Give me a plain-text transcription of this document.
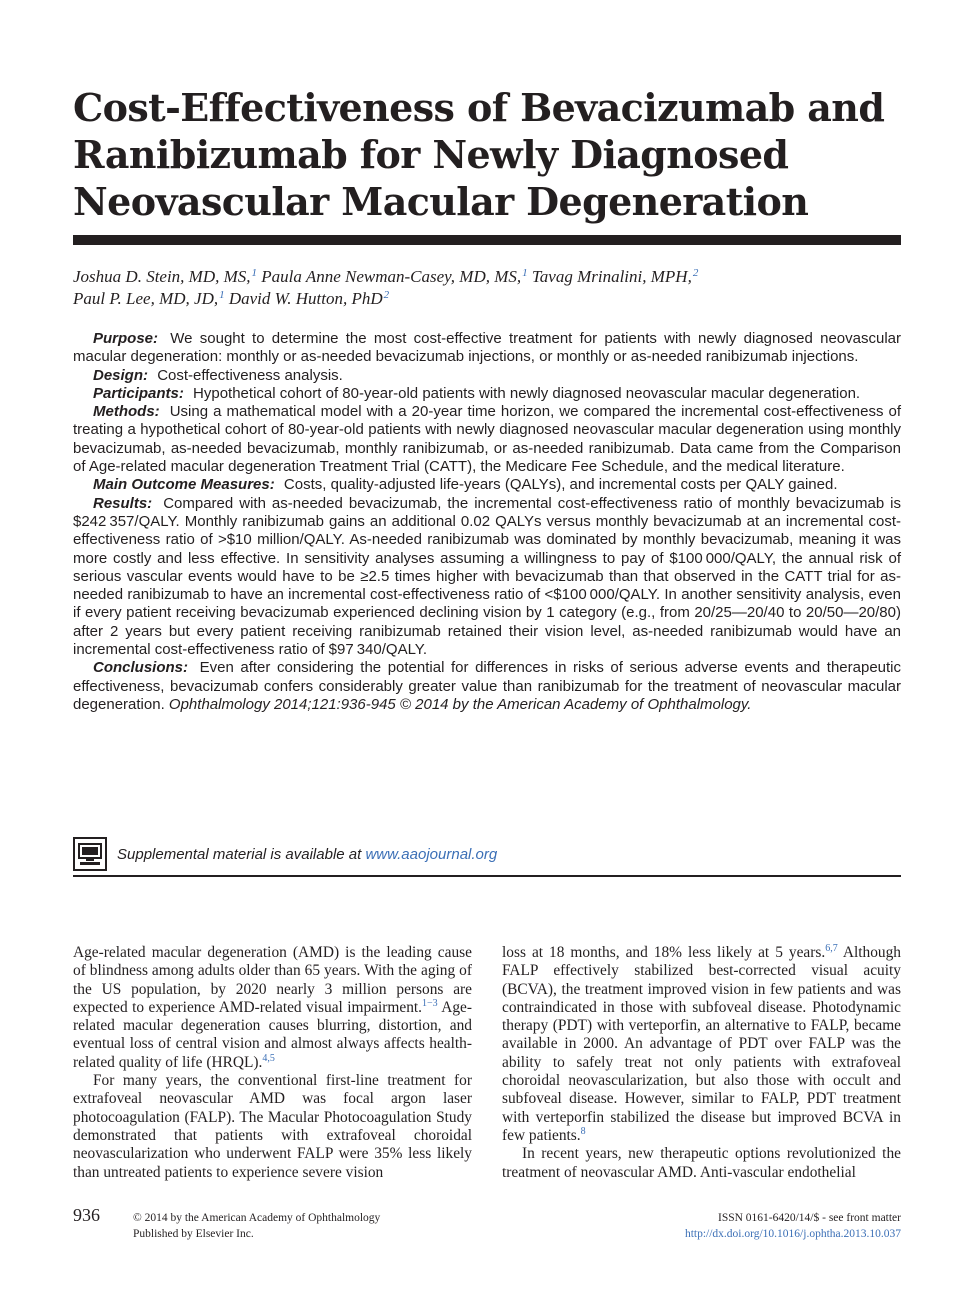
Cost-Effectiveness of Bevacizumab and
Ranibizumab for Newly Diagnosed
Neovascular Macular Degeneration
Joshua D. Stein, MD, MS,$^1$ Paula Anne Newman-Casey, MD, MS,$^1$ Tavag Mrinalini, MPH,$^2$
Paul P. Lee, MD, JD,$^1$ David W. Hutton, PhD$^2$

Purpose: We sought to determine the most cost-effective treatment for patients with newly diagnosed neovascular macular degeneration: monthly or as-needed bevacizumab injections, or monthly or as-needed ranibizumab injections.

Design: Cost-effectiveness analysis.

Participants: Hypothetical cohort of 80-year-old patients with newly diagnosed neovascular macular degeneration.

Methods: Using a mathematical model with a 20-year time horizon, we compared the incremental cost-effectiveness of treating a hypothetical cohort of 80-year-old patients with newly diagnosed neovascular macular degeneration using monthly bevacizumab, as-needed bevacizumab, monthly ranibizumab, or as-needed ranibizumab. Data came from the Comparison of Age-related macular degeneration Treatment Trial (CATT), the Medicare Fee Schedule, and the medical literature.

Main Outcome Measures: Costs, quality-adjusted life-years (QALYs), and incremental costs per QALY gained.

Results: Compared with as-needed bevacizumab, the incremental cost-effectiveness ratio of monthly bevacizumab is $242 357/QALY. Monthly ranibizumab gains an additional 0.02 QALYs versus monthly bevacizumab at an incremental cost-effectiveness ratio of >$10 million/QALY. As-needed ranibizumab was dominated by monthly bevacizumab, meaning it was more costly and less effective. In sensitivity analyses assuming a willingness to pay of $100 000/QALY, the annual risk of serious vascular events would have to be ≥2.5 times higher with bevacizumab than that observed in the CATT trial for as-needed ranibizumab to have an incremental cost-effectiveness ratio of <$100 000/QALY. In another sensitivity analysis, even if every patient receiving bevacizumab experienced declining vision by 1 category (e.g., from 20/25—20/40 to 20/50—20/80) after 2 years but every patient receiving ranibizumab retained their vision level, as-needed ranibizumab would have an incremental cost-effectiveness ratio of $97 340/QALY.

Conclusions: Even after considering the potential for differences in risks of serious adverse events and therapeutic effectiveness, bevacizumab confers considerably greater value than ranibizumab for the treatment of neovascular macular degeneration. Ophthalmology 2014;121:936-945 © 2014 by the American Academy of Ophthalmology.

Supplemental material is available at www.aaojournal.org

Age-related macular degeneration (AMD) is the leading cause of blindness among adults older than 65 years. With the aging of the US population, by 2020 nearly 3 million persons are expected to experience AMD-related visual impairment.$^{1-3}$ Age-related macular degeneration causes blurring, distortion, and eventual loss of central vision and almost always affects health-related quality of life (HRQL).$^{4,5}$

For many years, the conventional first-line treatment for extrafoveal neovascular AMD was focal argon laser photocoagulation (FALP). The Macular Photocoagulation Study demonstrated that patients with extrafoveal choroidal neovascularization who underwent FALP were 35% less likely than untreated patients to experience severe vision

loss at 18 months, and 18% less likely at 5 years.$^{6,7}$ Although FALP effectively stabilized best-corrected visual acuity (BCVA), the treatment improved vision in few patients and was contraindicated in those with subfoveal disease. Photodynamic therapy (PDT) with verteporfin, an alternative to FALP, became available in 2000. An advantage of PDT over FALP was the ability to safely treat not only patients with extrafoveal choroidal neovascularization, but also those with occult and subfoveal disease. However, similar to FALP, PDT treatment with verteporfin stabilized the disease but improved BCVA in few patients.$^8$

In recent years, new therapeutic options revolutionized the treatment of neovascular AMD. Anti-vascular endothelial

936	© 2014 by the American Academy of Ophthalmology
Published by Elsevier Inc.
ISSN 0161-6420/14/$ - see front matter
http://dx.doi.org/10.1016/j.ophtha.2013.10.037
